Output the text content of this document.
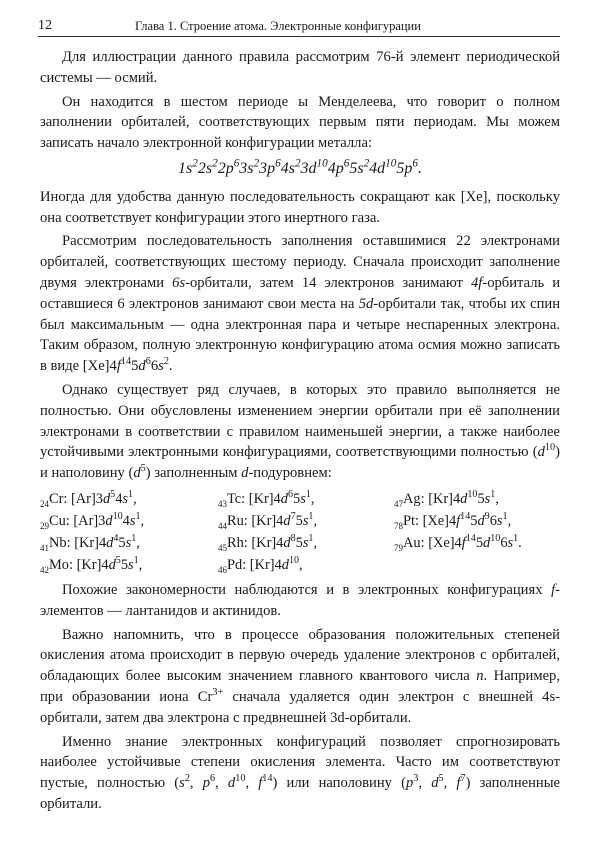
12	Глава 1. Строение атома. Электронные конфигурации

Для иллюстрации данного правила рассмотрим 76-й элемент периодической системы — осмий.

Он находится в шестом периоде ы Менделеева, что говорит о полном заполнении орбиталей, соответствующих первым пяти периодам. Мы можем записать начало электронной конфигурации металла:

$1s^22s^22p^63s^23p^64s^23d^{10}4p^65s^24d^{10}5p^6$.

Иногда для удобства данную последовательность сокращают как [Xe], поскольку она соответствует конфигурации этого инертного газа.

Рассмотрим последовательность заполнения оставшимися 22 электронами орбиталей, соответствующих шестому периоду. Сначала происходит заполнение двумя электронами 6s-орбитали, затем 14 электронов занимают 4f-орбиталь и оставшиеся 6 электронов занимают свои места на 5d-орбитали так, чтобы их спин был максимальным — одна электронная пара и четыре неспаренных электрона. Таким образом, полную электронную конфигурацию атома осмия можно записать в виде $[Xe]4f^{14}5d^66s^2$.

Однако существует ряд случаев, в которых это правило выполняется не полностью. Они обусловлены изменением энергии орбитали при её заполнении электронами в соответствии с правилом наименьшей энергии, а также наиболее устойчивыми электронными конфигурациями, соответствующими полностью $(d^{10})$ и наполовину $(d^5)$ заполненным d-подуровнем:

$_{24}$Cr: $[Ar]3d^54s^1$,	$_{43}$Tc: $[Kr]4d^65s^1$,	$_{47}$Ag: $[Kr]4d^{10}5s^1$,
$_{29}$Cu: $[Ar]3d^{10}4s^1$,	$_{44}$Ru: $[Kr]4d^75s^1$,	$_{78}$Pt: $[Xe]4f^{14}5d^96s^1$,
$_{41}$Nb: $[Kr]4d^45s^1$,	$_{45}$Rh: $[Kr]4d^85s^1$,	$_{79}$Au: $[Xe]4f^{14}5d^{10}6s^1$.
$_{42}$Mo: $[Kr]4d^55s^1$,	$_{46}$Pd: $[Kr]4d^{10}$,

Похожие закономерности наблюдаются и в электронных конфигурациях f-элементов — лантанидов и актинидов.

Важно напомнить, что в процессе образования положительных степеней окисления атома происходит в первую очередь удаление электронов с орбиталей, обладающих более высоким значением главного квантового числа n. Например, при образовании иона $Cr^{3+}$ сначала удаляется один электрон с внешней 4s-орбитали, затем два электрона с предвнешней 3d-орбитали.

Именно знание электронных конфигураций позволяет спрогнозировать наиболее устойчивые степени окисления элемента. Часто им соответствуют пустые, полностью ($s^2$, $p^6$, $d^{10}$, $f^{14}$) или наполовину ($p^3$, $d^5$, $f^7$) заполненные орбитали.
